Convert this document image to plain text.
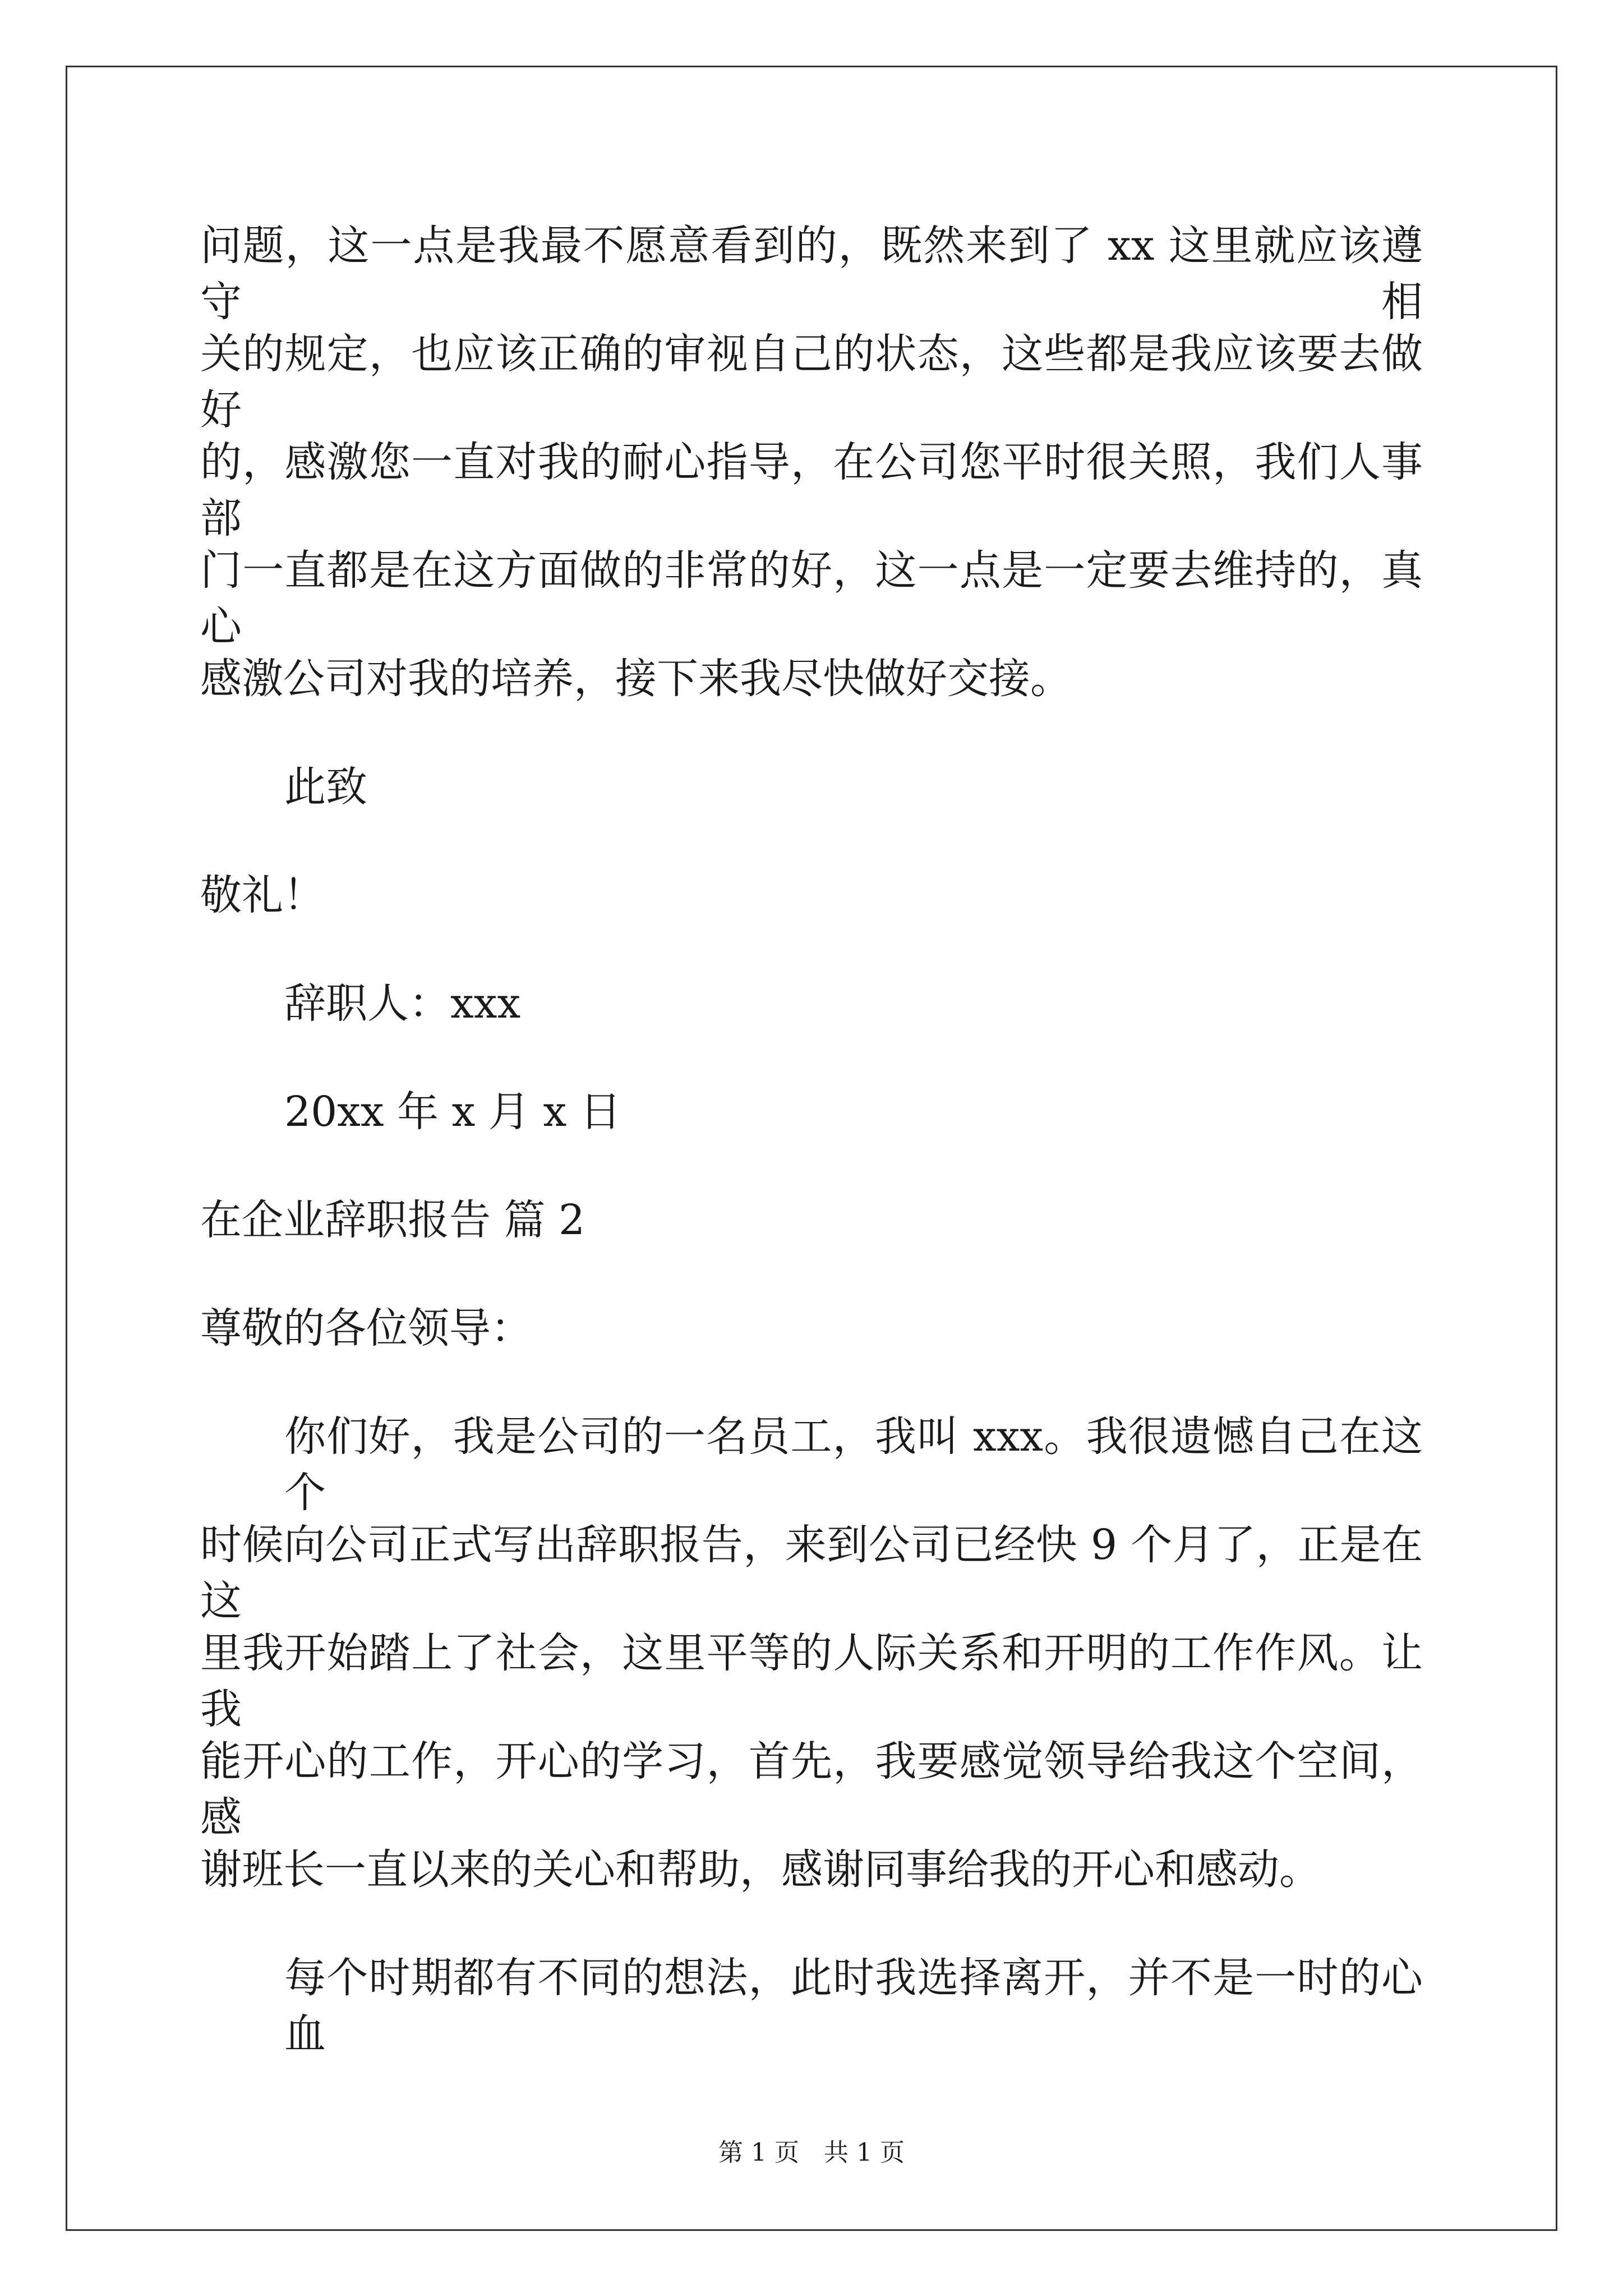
问题，这一点是我最不愿意看到的，既然来到了 xx 这里就应该遵守相
关的规定，也应该正确的审视自己的状态，这些都是我应该要去做好
的，感激您一直对我的耐心指导，在公司您平时很关照，我们人事部
门一直都是在这方面做的非常的好，这一点是一定要去维持的，真心
感激公司对我的培养，接下来我尽快做好交接。
此致
敬礼！
辞职人：xxx
20xx 年 x 月 x 日
在企业辞职报告 篇 2
尊敬的各位领导：
你们好，我是公司的一名员工，我叫 xxx。我很遗憾自己在这个
时候向公司正式写出辞职报告，来到公司已经快 9 个月了，正是在这
里我开始踏上了社会，这里平等的人际关系和开明的工作作风。让我
能开心的工作，开心的学习，首先，我要感觉领导给我这个空间，感
谢班长一直以来的关心和帮助，感谢同事给我的开心和感动。
每个时期都有不同的想法，此时我选择离开，并不是一时的心血
第 1 页　共 1 页
